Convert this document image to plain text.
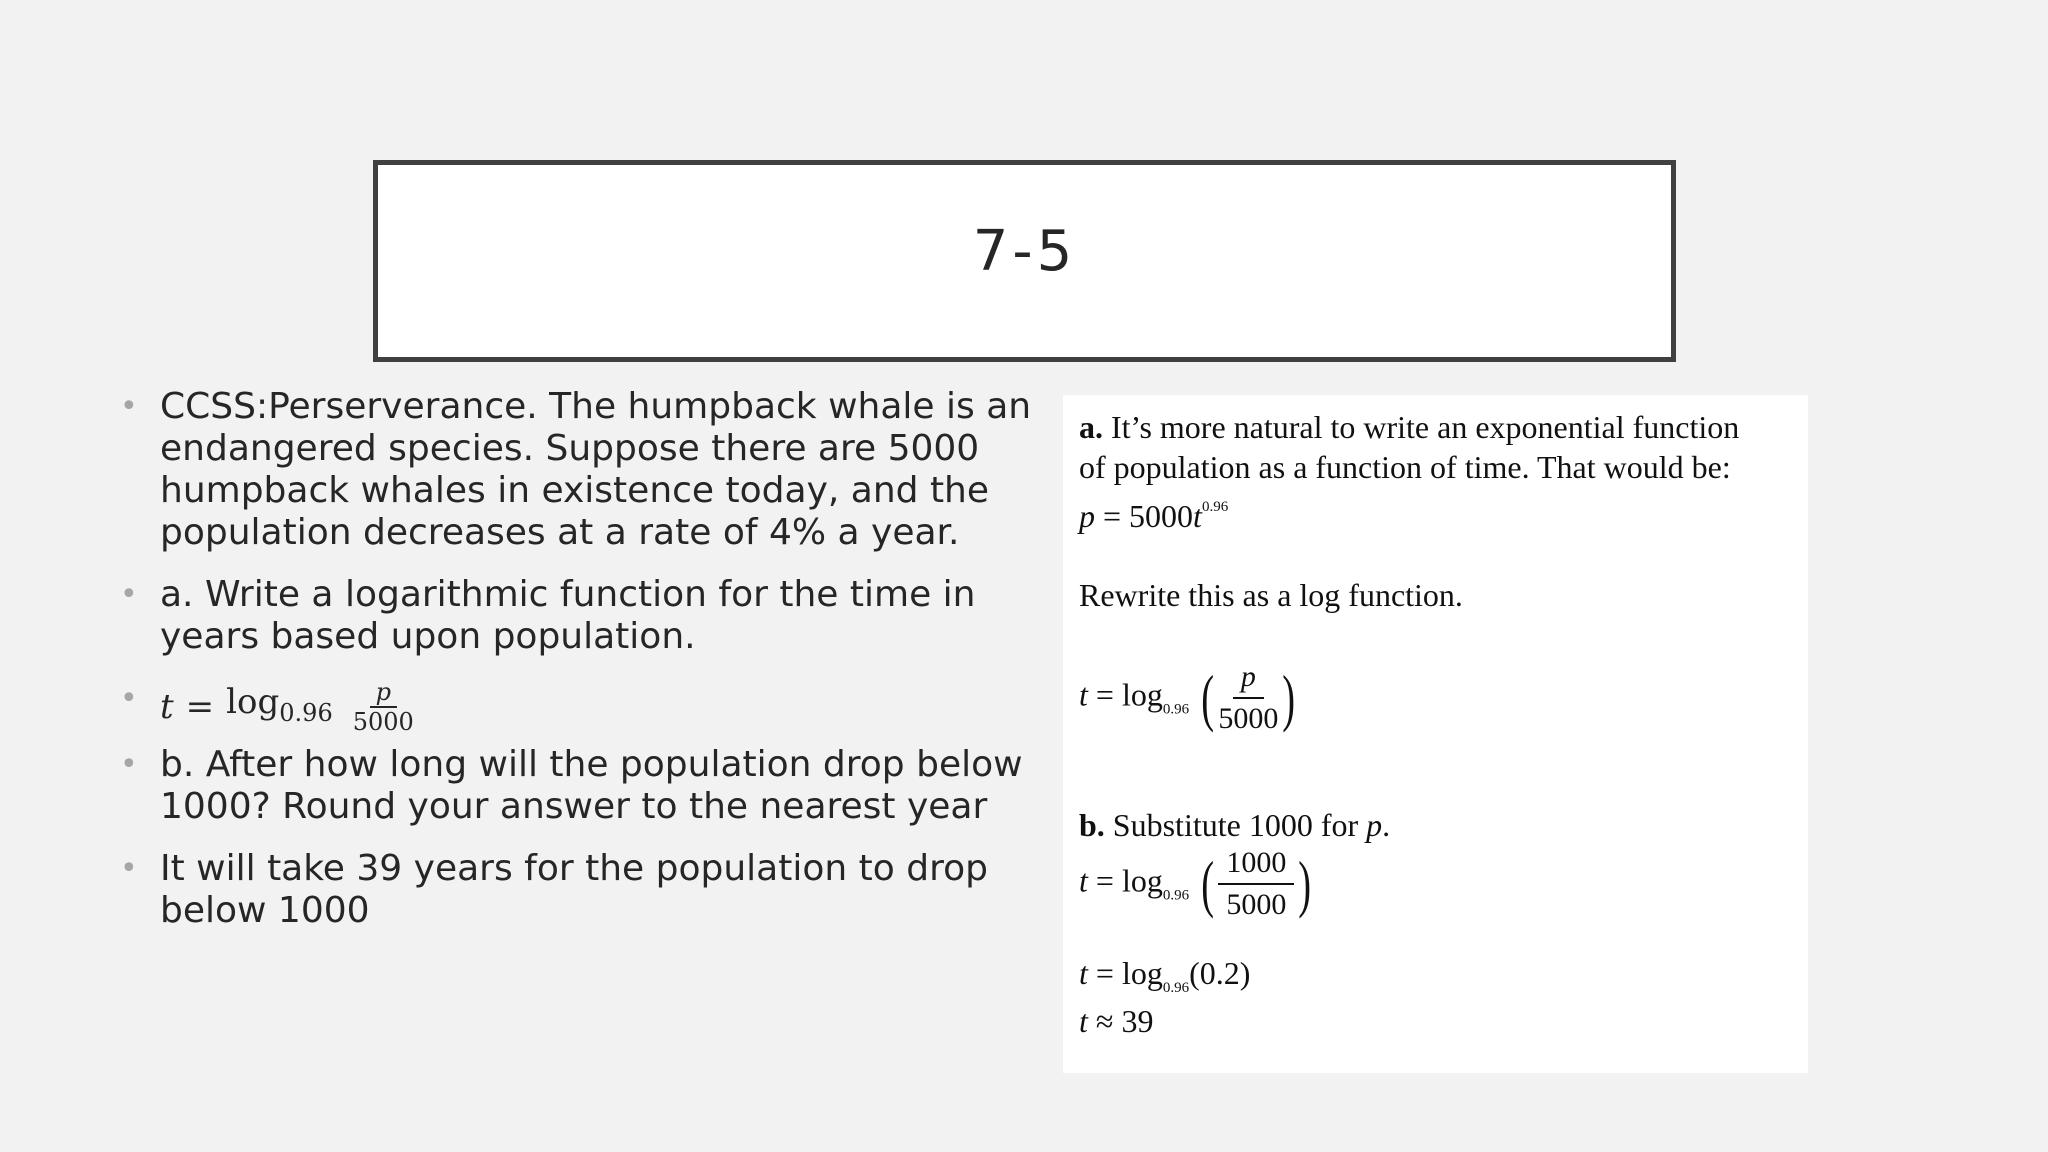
7-5
• CCSS:Perserverance. The humpback whale is an endangered species. Suppose there are 5000 humpback whales in existence today, and the population decreases at a rate of 4% a year.
• a. Write a logarithmic function for the time in years based upon population.
• $t = \log_{0.96} \frac{p}{5000}$
• b. After how long will the population drop below 1000? Round your answer to the nearest year
• It will take 39 years for the population to drop below 1000
a. It’s more natural to write an exponential function
of population as a function of time. That would be:
$p = 5000t^{0.96}$
Rewrite this as a log function.
$t = \log_{0.96}$ ( p
5000 )
b. Substitute 1000 for p.
$t = \log_{0.96}$ ( 1000
5000 )
$t = \log_{0.96}(0.2)$
t ≈ 39
